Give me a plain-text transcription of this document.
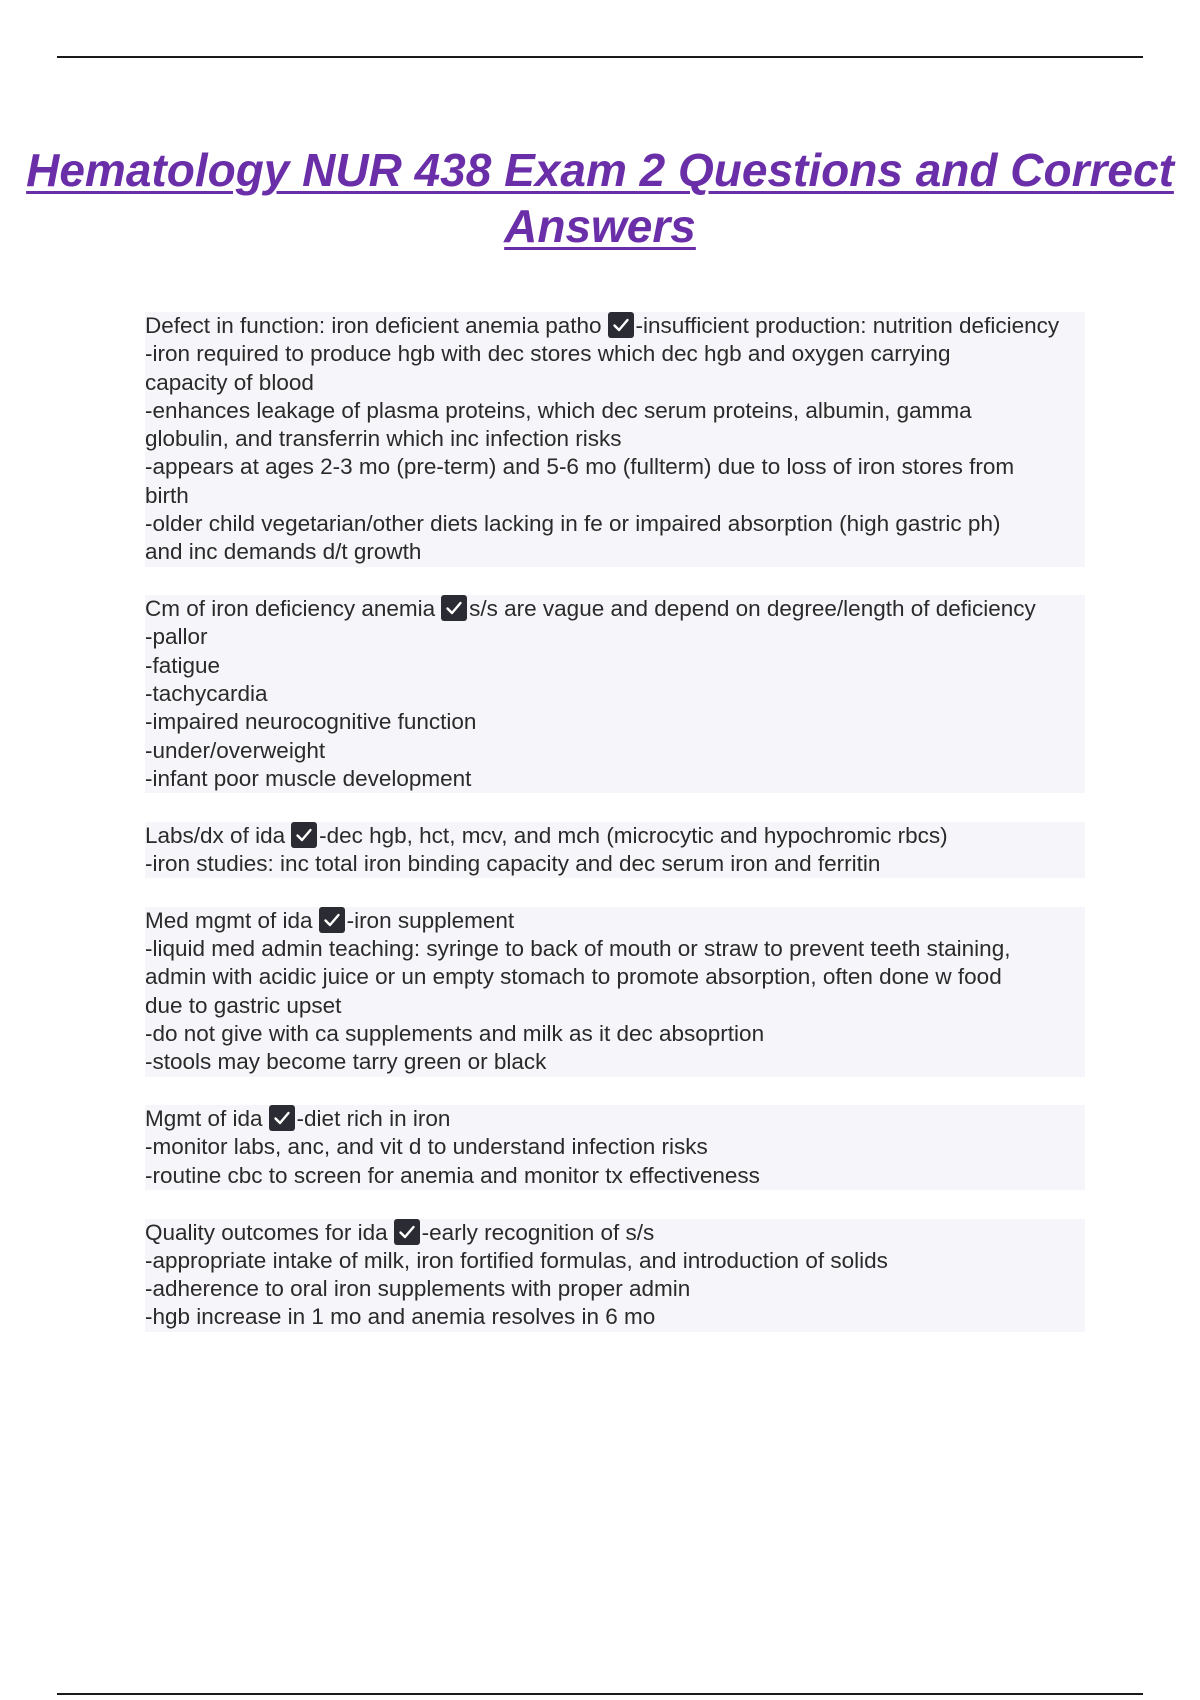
Hematology NUR 438 Exam 2 Questions and Correct Answers
Defect in function: iron deficient anemia patho -insufficient production: nutrition deficiency
-iron required to produce hgb with dec stores which dec hgb and oxygen carrying
capacity of blood
-enhances leakage of plasma proteins, which dec serum proteins, albumin, gamma
globulin, and transferrin which inc infection risks
-appears at ages 2-3 mo (pre-term) and 5-6 mo (fullterm) due to loss of iron stores from
birth
-older child vegetarian/other diets lacking in fe or impaired absorption (high gastric ph)
and inc demands d/t growth
Cm of iron deficiency anemia s/s are vague and depend on degree/length of deficiency
-pallor
-fatigue
-tachycardia
-impaired neurocognitive function
-under/overweight
-infant poor muscle development
Labs/dx of ida -dec hgb, hct, mcv, and mch (microcytic and hypochromic rbcs)
-iron studies: inc total iron binding capacity and dec serum iron and ferritin
Med mgmt of ida -iron supplement
-liquid med admin teaching: syringe to back of mouth or straw to prevent teeth staining,
admin with acidic juice or un empty stomach to promote absorption, often done w food
due to gastric upset
-do not give with ca supplements and milk as it dec absoprtion
-stools may become tarry green or black
Mgmt of ida -diet rich in iron
-monitor labs, anc, and vit d to understand infection risks
-routine cbc to screen for anemia and monitor tx effectiveness
Quality outcomes for ida -early recognition of s/s
-appropriate intake of milk, iron fortified formulas, and introduction of solids
-adherence to oral iron supplements with proper admin
-hgb increase in 1 mo and anemia resolves in 6 mo
